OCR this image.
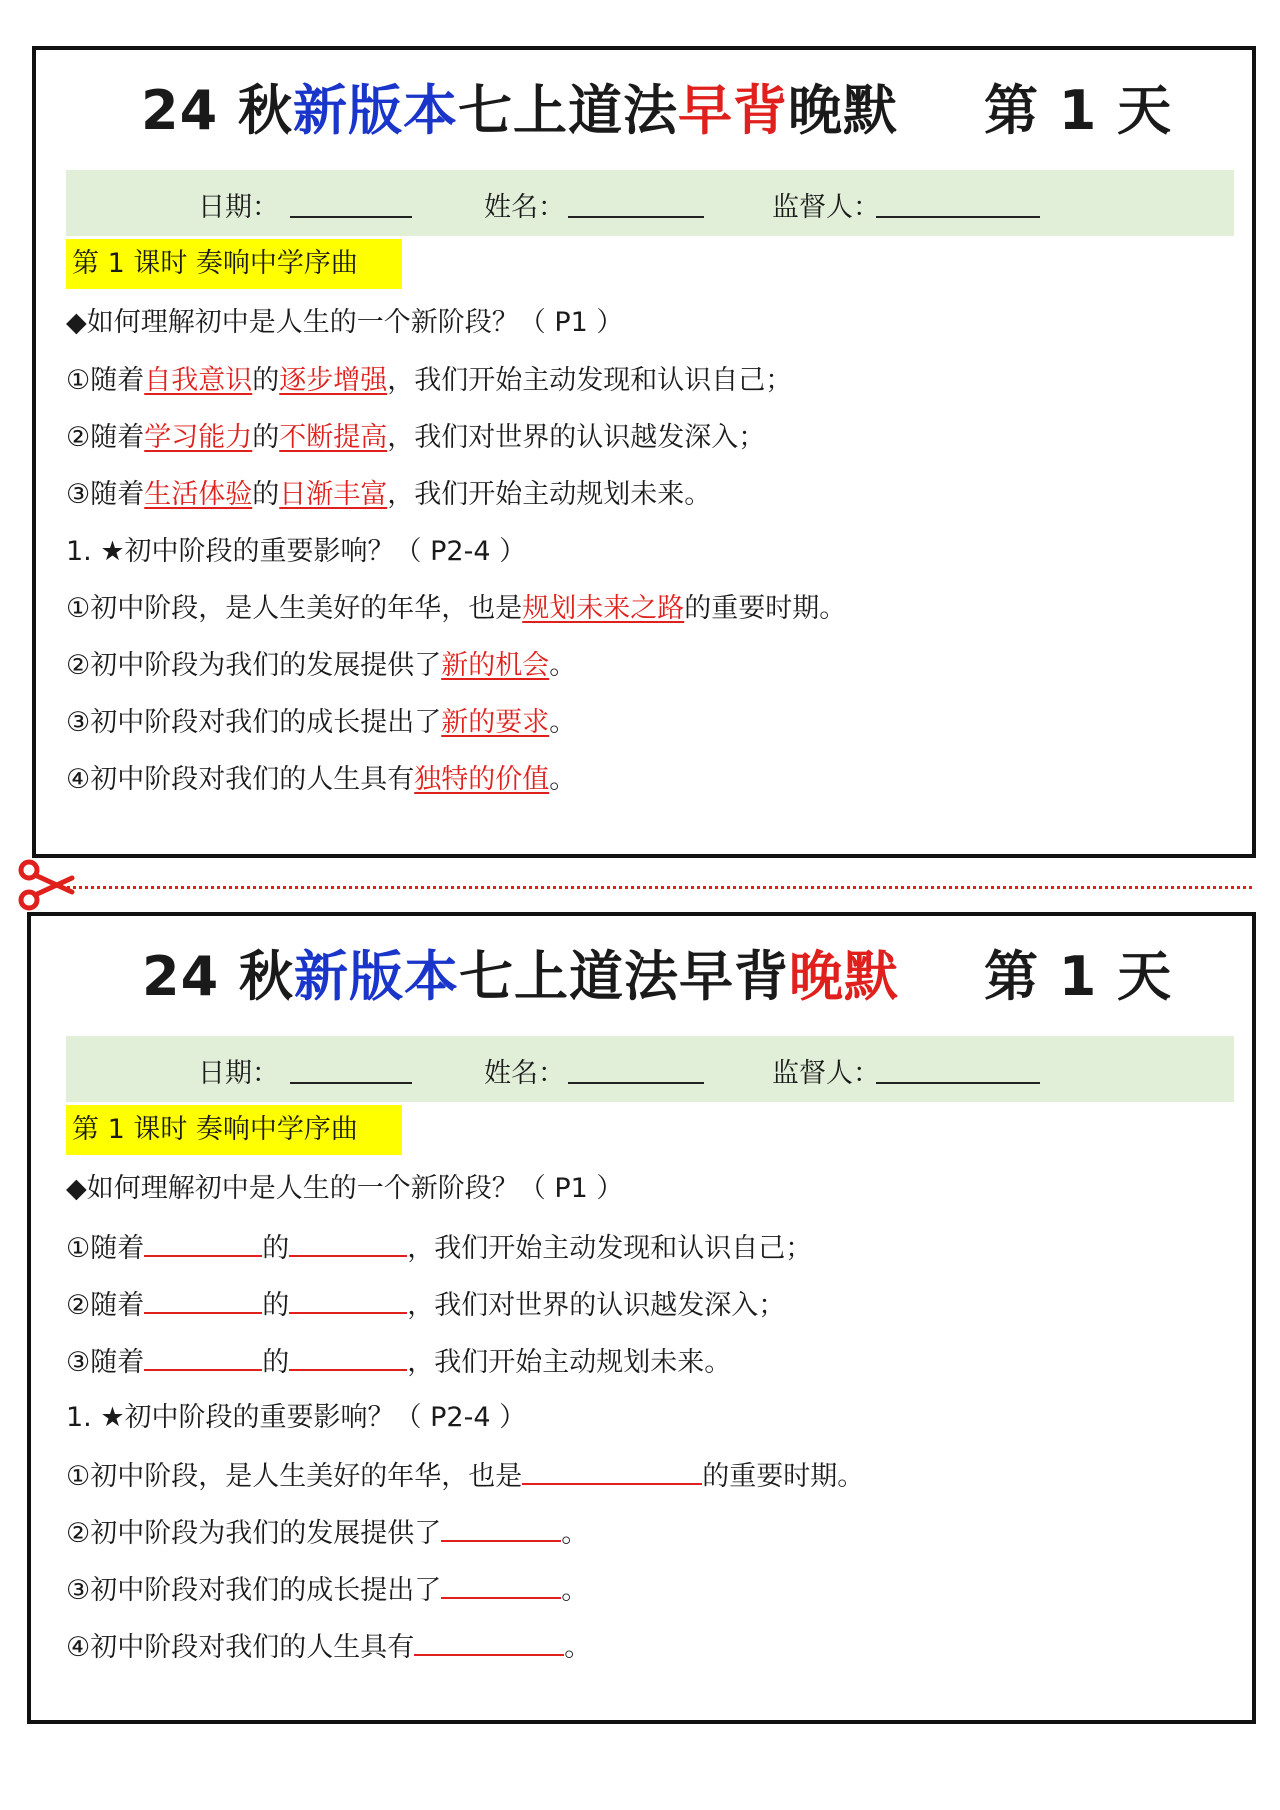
24 秋新版本七上道法早背晚默 第 1 天
日期：	姓名：	监督人：
第 1 课时 奏响中学序曲
◆如何理解初中是人生的一个新阶段？（ P1 ）
①随着自我意识的逐步增强，我们开始主动发现和认识自己；
②随着学习能力的不断提高，我们对世界的认识越发深入；
③随着生活体验的日渐丰富，我们开始主动规划未来。
1. ★初中阶段的重要影响？（ P2-4 ）
①初中阶段，是人生美好的年华，也是规划未来之路的重要时期。
②初中阶段为我们的发展提供了新的机会。
③初中阶段对我们的成长提出了新的要求。
④初中阶段对我们的人生具有独特的价值。
24 秋新版本七上道法早背晚默 第 1 天
日期：	姓名：	监督人：
第 1 课时 奏响中学序曲
◆如何理解初中是人生的一个新阶段？（ P1 ）
①随着	的	，我们开始主动发现和认识自己；
②随着	的	，我们对世界的认识越发深入；
③随着	的	，我们开始主动规划未来。
1. ★初中阶段的重要影响？（ P2-4 ）
①初中阶段，是人生美好的年华，也是	的重要时期。
②初中阶段为我们的发展提供了	。
③初中阶段对我们的成长提出了	。
④初中阶段对我们的人生具有	。
